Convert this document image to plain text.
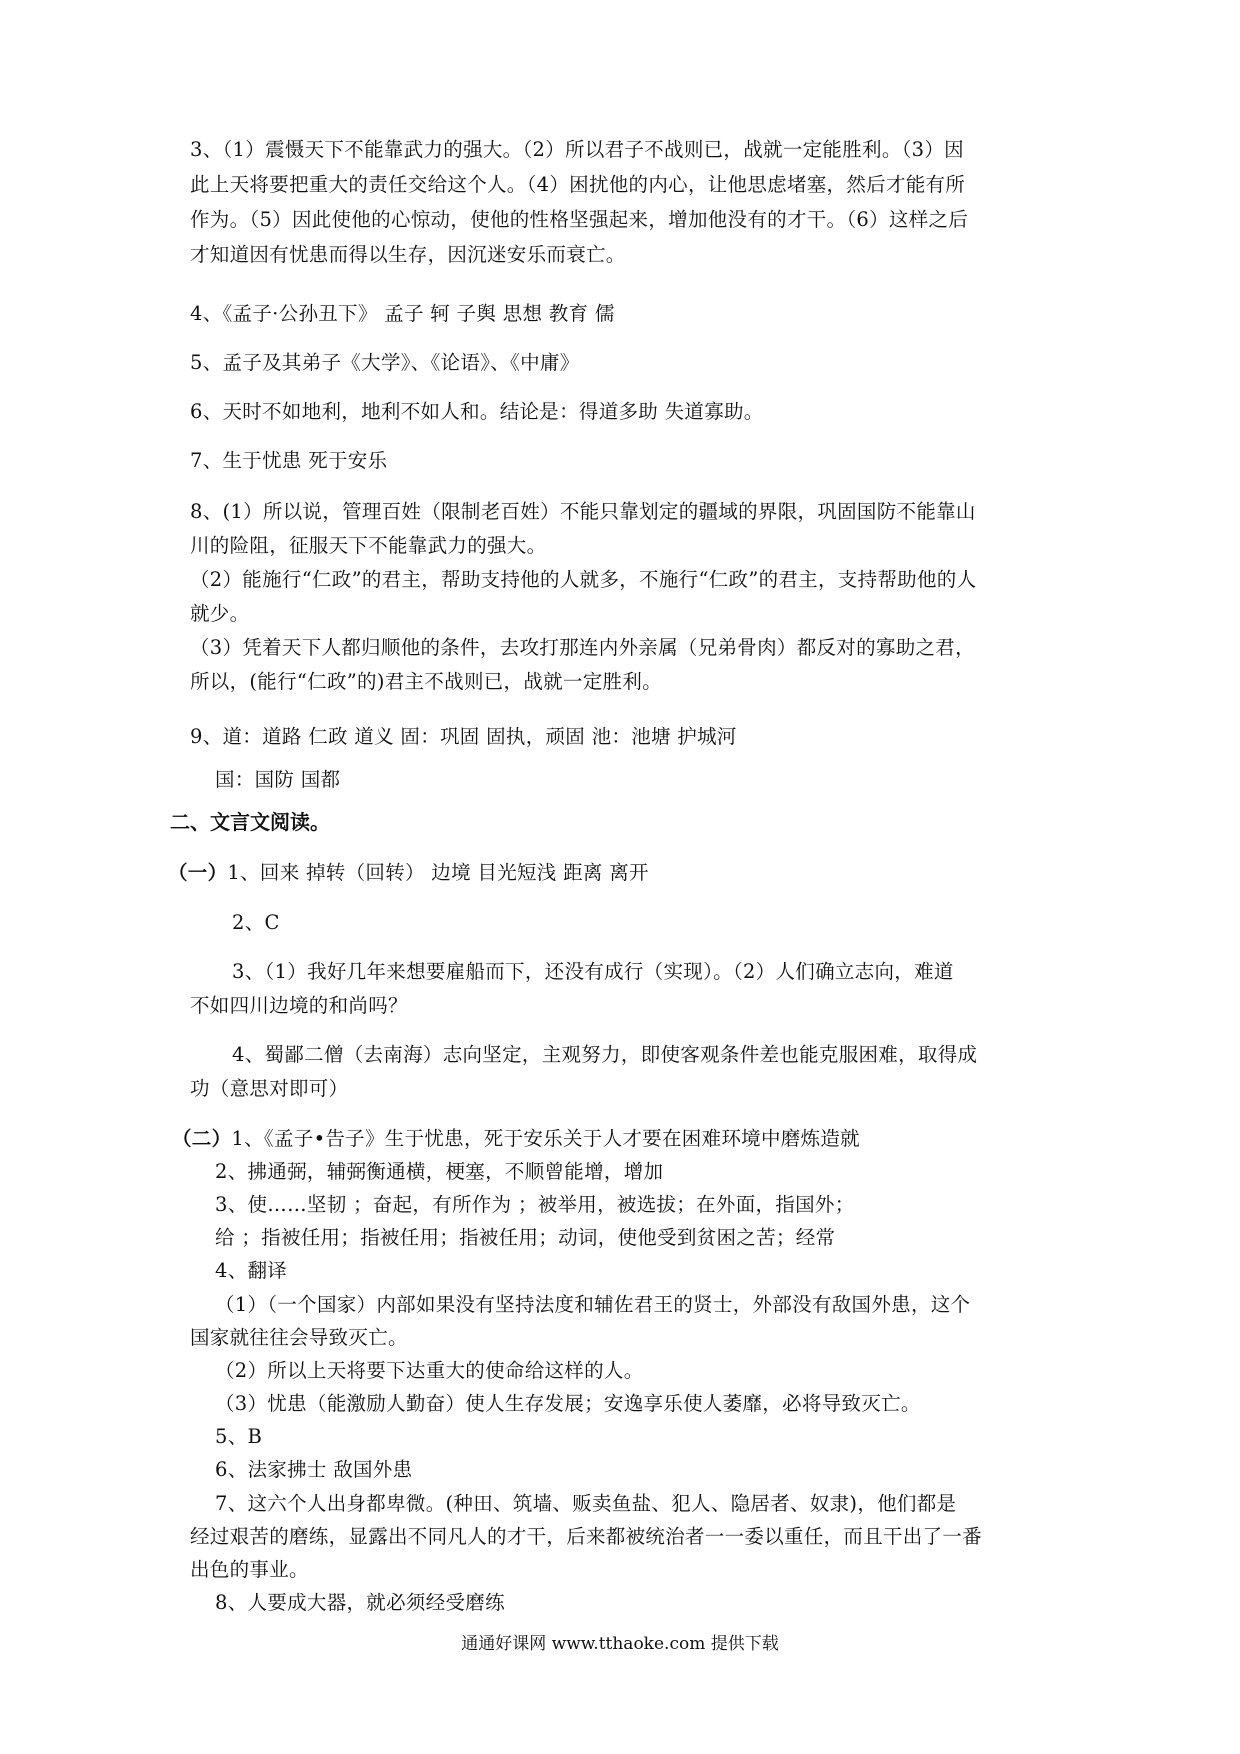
3、（1）震慑天下不能靠武力的强大。（2）所以君子不战则已，战就一定能胜利。（3）因
此上天将要把重大的责任交给这个人。（4）困扰他的内心，让他思虑堵塞，然后才能有所
作为。（5）因此使他的心惊动，使他的性格坚强起来，增加他没有的才干。（6）这样之后
才知道因有忧患而得以生存，因沉迷安乐而衰亡。
4、《孟子·公孙丑下》 孟子 轲 子舆 思想 教育 儒
5、孟子及其弟子《大学》、《论语》、《中庸》
6、天时不如地利，地利不如人和。结论是：得道多助 失道寡助。
7、生于忧患 死于安乐
8、(1）所以说，管理百姓（限制老百姓）不能只靠划定的疆域的界限，巩固国防不能靠山
川的险阻，征服天下不能靠武力的强大。
（2）能施行“仁政”的君主，帮助支持他的人就多，不施行“仁政”的君主，支持帮助他的人
就少。
（3）凭着天下人都归顺他的条件，去攻打那连内外亲属（兄弟骨肉）都反对的寡助之君，
所以，(能行“仁政”的)君主不战则已，战就一定胜利。
9、道：道路 仁政 道义 固：巩固 固执，顽固 池：池塘 护城河
国：国防 国都
二、文言文阅读。
（一）1、回来 掉转（回转） 边境 目光短浅 距离 离开
2、C
3、（1）我好几年来想要雇船而下，还没有成行（实现）。（2）人们确立志向，难道
不如四川边境的和尚吗？
4、蜀鄙二僧（去南海）志向坚定，主观努力，即使客观条件差也能克服困难，取得成
功（意思对即可）
（二）1、《孟子•告子》生于忧患，死于安乐关于人才要在困难环境中磨炼造就
2、拂通弼，辅弼衡通横，梗塞，不顺曾能增，增加
3、使……坚韧 ；奋起，有所作为 ；被举用，被选拔；在外面，指国外；
给 ；指被任用；指被任用；指被任用；动词，使他受到贫困之苦；经常
4、翻译
（1）（一个国家）内部如果没有坚持法度和辅佐君王的贤士，外部没有敌国外患，这个
国家就往往会导致灭亡。
（2）所以上天将要下达重大的使命给这样的人。
（3）忧患（能激励人勤奋）使人生存发展；安逸享乐使人萎靡，必将导致灭亡。
5、B
6、法家拂士 敌国外患
7、这六个人出身都卑微。(种田、筑墙、贩卖鱼盐、犯人、隐居者、奴隶)，他们都是
经过艰苦的磨练，显露出不同凡人的才干，后来都被统治者一一委以重任，而且干出了一番
出色的事业。
8、人要成大器，就必须经受磨练
通通好课网 www.tthaoke.com 提供下载
